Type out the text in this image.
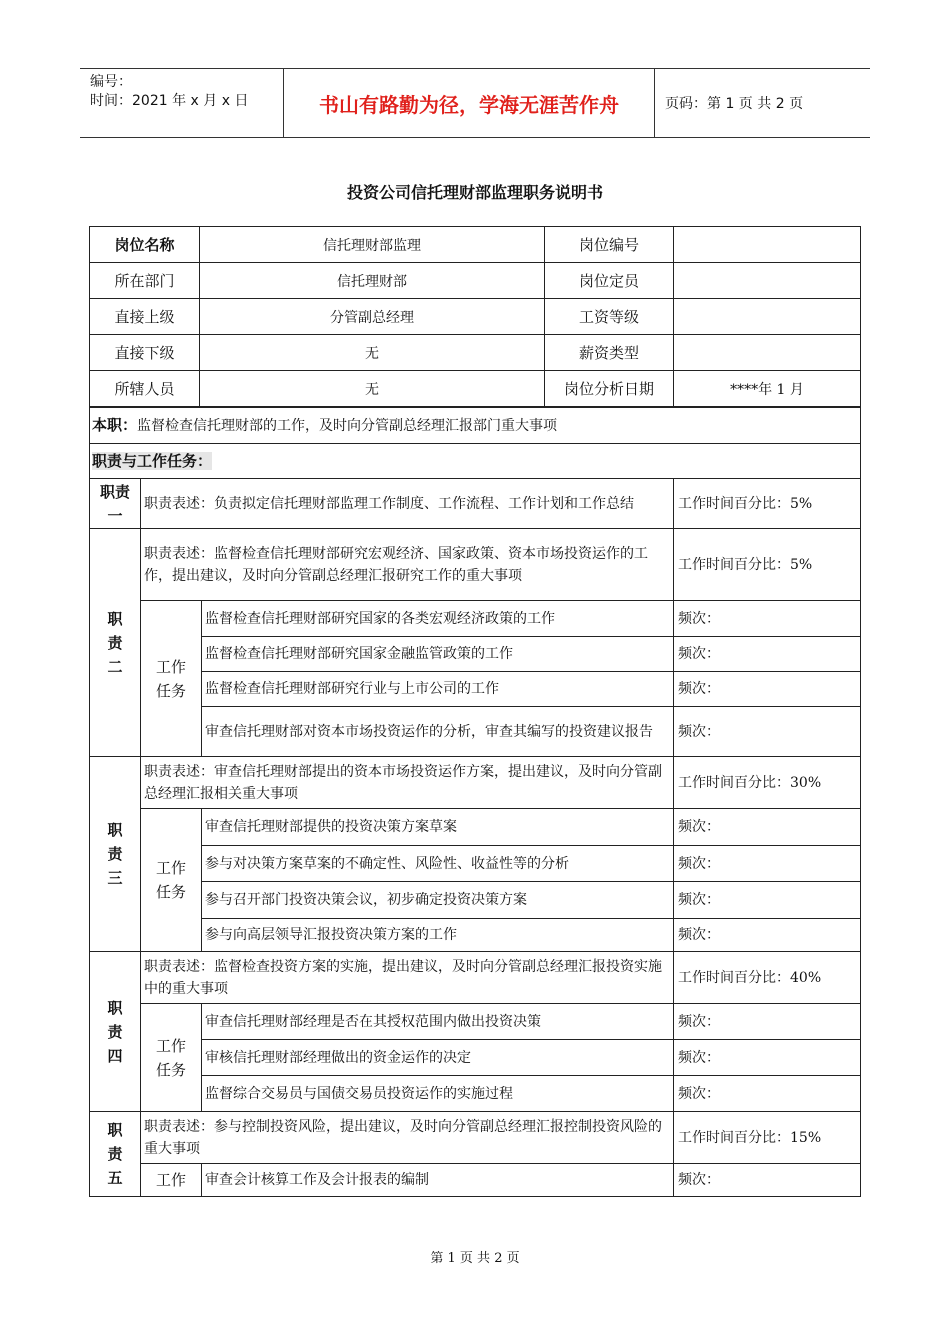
编号：
时间：2021 年 x 月 x 日	书山有路勤为径，学海无涯苦作舟	页码：第 1 页 共 2 页
投资公司信托理财部监理职务说明书
岗位名称	信托理财部监理	岗位编号	
所在部门	信托理财部	岗位定员	
直接上级	分管副总经理	工资等级	
直接下级	无	薪资类型	
所辖人员	无	岗位分析日期	****年 1 月
本职：监督检查信托理财部的工作，及时向分管副总经理汇报部门重大事项			
职责与工作任务：			
职责
一	职责表述：负责拟定信托理财部监理工作制度、工作流程、工作计划和工作总结		工作时间百分比：5%
职
责
二	职责表述：监督检查信托理财部研究宏观经济、国家政策、资本市场投资运作的工作，提出建议，及时向分管副总经理汇报研究工作的重大事项		工作时间百分比：5%
	工作
任务	监督检查信托理财部研究国家的各类宏观经济政策的工作	频次：
		监督检查信托理财部研究国家金融监管政策的工作	频次：
		监督检查信托理财部研究行业与上市公司的工作	频次：
		审查信托理财部对资本市场投资运作的分析，审查其编写的投资建议报告	频次：
职
责
三	职责表述：审查信托理财部提出的资本市场投资运作方案，提出建议，及时向分管副总经理汇报相关重大事项		工作时间百分比：30%
	工作
任务	审查信托理财部提供的投资决策方案草案	频次：
		参与对决策方案草案的不确定性、风险性、收益性等的分析	频次：
		参与召开部门投资决策会议，初步确定投资决策方案	频次：
		参与向高层领导汇报投资决策方案的工作	频次：
职
责
四	职责表述：监督检查投资方案的实施，提出建议，及时向分管副总经理汇报投资实施中的重大事项		工作时间百分比：40%
	工作
任务	审查信托理财部经理是否在其授权范围内做出投资决策	频次：
		审核信托理财部经理做出的资金运作的决定	频次：
		监督综合交易员与国债交易员投资运作的实施过程	频次：
职
责
五	职责表述：参与控制投资风险，提出建议，及时向分管副总经理汇报控制投资风险的重大事项		工作时间百分比：15%
	工作	审查会计核算工作及会计报表的编制	频次：
第 1 页 共 2 页
